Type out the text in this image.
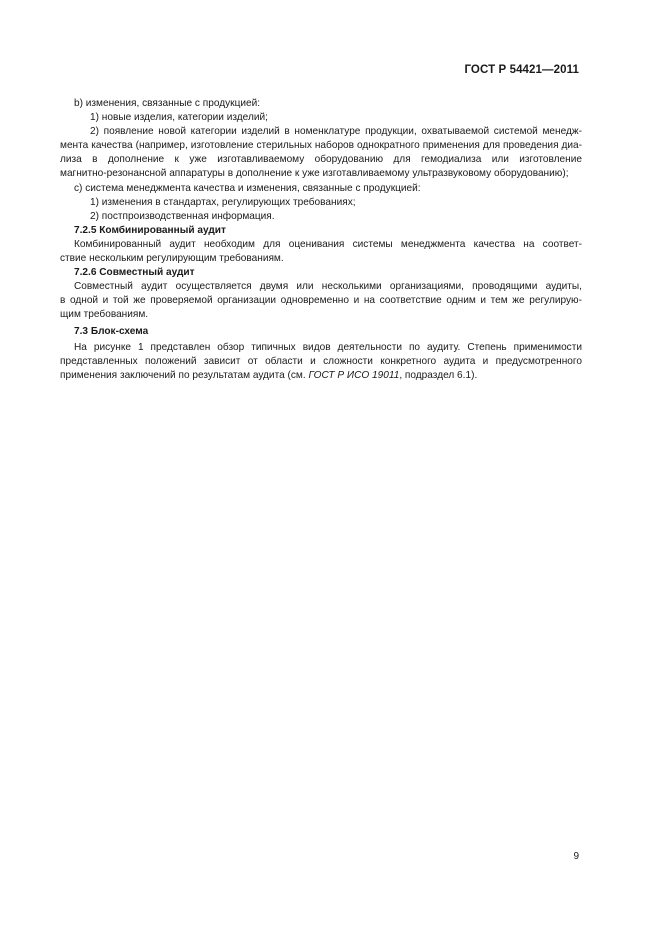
ГОСТ Р 54421—2011

b) изменения, связанные с продукцией:

1) новые изделия, категории изделий;

2) появление новой категории изделий в номенклатуре продукции, охватываемой системой менедж-

мента качества (например, изготовление стерильных наборов однократного применения для проведения диа-

лиза в дополнение к уже изготавливаемому оборудованию для гемодиализа или изготовление

магнитно-резонансной аппаратуры в дополнение к уже изготавливаемому ультразвуковому оборудованию);

c) система менеджмента качества и изменения, связанные с продукцией:

1) изменения в стандартах, регулирующих требованиях;

2) постпроизводственная информация.

7.2.5 Комбинированный аудит

Комбинированный аудит необходим для оценивания системы менеджмента качества на соответ-

ствие нескольким регулирующим требованиям.

7.2.6 Совместный аудит

Совместный аудит осуществляется двумя или несколькими организациями, проводящими аудиты,

в одной и той же проверяемой организации одновременно и на соответствие одним и тем же регулирую-

щим требованиям.

7.3 Блок-схема

На рисунке 1 представлен обзор типичных видов деятельности по аудиту. Степень применимости

представленных положений зависит от области и сложности конкретного аудита и предусмотренного

применения заключений по результатам аудита (см. ГОСТ Р ИСО 19011, подраздел 6.1).

9
